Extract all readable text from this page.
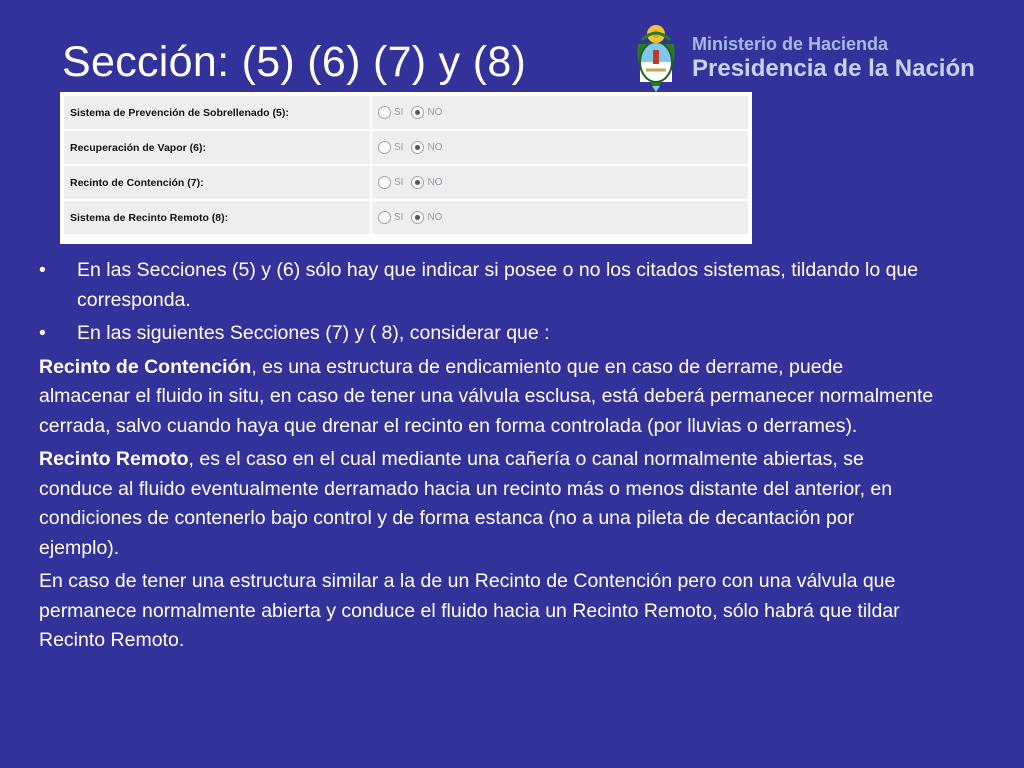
Sección: (5) (6) (7) y (8)	Ministerio de Hacienda
Presidencia de la Nación
Sistema de Prevención de Sobrellenado (5):	SI NO
Recuperación de Vapor (6):	SI NO
Recinto de Contención (7):	SI NO
Sistema de Recinto Remoto (8):	SI NO
•	En las Secciones (5) y (6) sólo hay que indicar si posee o no los citados sistemas, tildando lo que corresponda.
•	En las siguientes Secciones (7) y ( 8), considerar que :
Recinto de Contención, es una estructura de endicamiento que en caso de derrame, puede almacenar el fluido in situ, en caso de tener una válvula esclusa, está deberá permanecer normalmente cerrada, salvo cuando haya que drenar el recinto en forma controlada (por lluvias o derrames).
Recinto Remoto, es el caso en el cual mediante una cañería o canal normalmente abiertas, se conduce al fluido eventualmente derramado hacia un recinto más o menos distante del anterior, en condiciones de contenerlo bajo control y de forma estanca (no a una pileta de decantación por ejemplo).
En caso de tener una estructura similar a la de un Recinto de Contención pero con una válvula que permanece normalmente abierta y conduce el fluido hacia un Recinto Remoto, sólo habrá que tildar Recinto Remoto.
